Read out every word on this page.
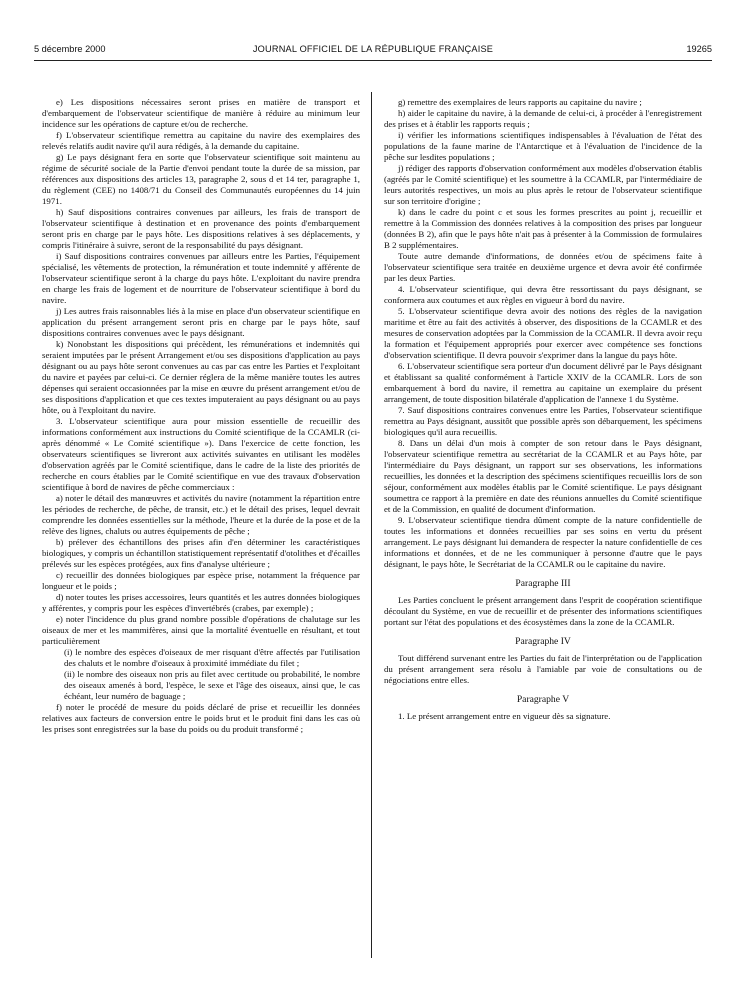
5 décembre 2000	JOURNAL OFFICIEL DE LA RÉPUBLIQUE FRANÇAISE	19265

e) Les dispositions nécessaires seront prises en matière de transport et d'embarquement de l'observateur scientifique de manière à réduire au minimum leur incidence sur les opérations de capture et/ou de recherche.

f) L'observateur scientifique remettra au capitaine du navire des exemplaires des relevés relatifs audit navire qu'il aura rédigés, à la demande du capitaine.

g) Le pays désignant fera en sorte que l'observateur scientifique soit maintenu au régime de sécurité sociale de la Partie d'envoi pendant toute la durée de sa mission, par références aux dispositions des articles 13, paragraphe 2, sous d et 14 ter, paragraphe 1, du règlement (CEE) no 1408/71 du Conseil des Communautés européennes du 14 juin 1971.

h) Sauf dispositions contraires convenues par ailleurs, les frais de transport de l'observateur scientifique à destination et en provenance des points d'embarquement seront pris en charge par le pays hôte. Les dispositions relatives à ses déplacements, y compris l'itinéraire à suivre, seront de la responsabilité du pays désignant.

i) Sauf dispositions contraires convenues par ailleurs entre les Parties, l'équipement spécialisé, les vêtements de protection, la rémunération et toute indemnité y afférente de l'observateur scientifique seront à la charge du pays hôte. L'exploitant du navire prendra en charge les frais de logement et de nourriture de l'observateur scientifique à bord du navire.

j) Les autres frais raisonnables liés à la mise en place d'un observateur scientifique en application du présent arrangement seront pris en charge par le pays hôte, sauf dispositions contraires convenues avec le pays désignant.

k) Nonobstant les dispositions qui précèdent, les rémunérations et indemnités qui seraient imputées par le présent Arrangement et/ou ses dispositions d'application au pays désignant ou au pays hôte seront convenues au cas par cas entre les Parties et l'exploitant du navire et payées par celui-ci. Ce dernier réglera de la même manière toutes les autres dépenses qui seraient occasionnées par la mise en œuvre du présent arrangement et/ou de ses dispositions d'application et que ces textes imputeraient au pays désignant ou au pays hôte, ou à l'exploitant du navire.

3. L'observateur scientifique aura pour mission essentielle de recueillir des informations conformément aux instructions du Comité scientifique de la CCAMLR (ci-après dénommé « Le Comité scientifique »). Dans l'exercice de cette fonction, les observateurs scientifiques se livreront aux activités suivantes en utilisant les modèles d'observation agréés par le Comité scientifique, dans le cadre de la liste des priorités de recherche en cours établies par le Comité scientifique en vue des travaux d'observation scientifique à bord de navires de pêche commerciaux :

a) noter le détail des manœuvres et activités du navire (notamment la répartition entre les périodes de recherche, de pêche, de transit, etc.) et le détail des prises, lequel devrait comprendre les données essentielles sur la méthode, l'heure et la durée de la pose et de la relève des lignes, chaluts ou autres équipements de pêche ;

b) prélever des échantillons des prises afin d'en déterminer les caractéristiques biologiques, y compris un échantillon statistiquement représentatif d'otolithes et d'écailles prélevés sur les espèces protégées, aux fins d'analyse ultérieure ;

c) recueillir des données biologiques par espèce prise, notamment la fréquence par longueur et le poids ;

d) noter toutes les prises accessoires, leurs quantités et les autres données biologiques y afférentes, y compris pour les espèces d'invertébrés (crabes, par exemple) ;

e) noter l'incidence du plus grand nombre possible d'opérations de chalutage sur les oiseaux de mer et les mammifères, ainsi que la mortalité éventuelle en résultant, et tout particulièrement

(i) le nombre des espèces d'oiseaux de mer risquant d'être affectés par l'utilisation des chaluts et le nombre d'oiseaux à proximité immédiate du filet ;

(ii) le nombre des oiseaux non pris au filet avec certitude ou probabilité, le nombre des oiseaux amenés à bord, l'espèce, le sexe et l'âge des oiseaux, ainsi que, le cas échéant, leur numéro de baguage ;

f) noter le procédé de mesure du poids déclaré de prise et recueillir les données relatives aux facteurs de conversion entre le poids brut et le produit fini dans les cas où les prises sont enregistrées sur la base du poids ou du produit transformé ;

g) remettre des exemplaires de leurs rapports au capitaine du navire ;

h) aider le capitaine du navire, à la demande de celui-ci, à procéder à l'enregistrement des prises et à établir les rapports requis ;

i) vérifier les informations scientifiques indispensables à l'évaluation de l'état des populations de la faune marine de l'Antarctique et à l'évaluation de l'incidence de la pêche sur lesdites populations ;

j) rédiger des rapports d'observation conformément aux modèles d'observation établis (agréés par le Comité scientifique) et les soumettre à la CCAMLR, par l'intermédiaire de leurs autorités respectives, un mois au plus après le retour de l'observateur scientifique sur son territoire d'origine ;

k) dans le cadre du point c et sous les formes prescrites au point j, recueillir et remettre à la Commission des données relatives à la composition des prises par longueur (données B 2), afin que le pays hôte n'ait pas à présenter à la Commission de formulaires B 2 supplémentaires.

Toute autre demande d'informations, de données et/ou de spécimens faite à l'observateur scientifique sera traitée en deuxième urgence et devra avoir été confirmée par les deux Parties.

4. L'observateur scientifique, qui devra être ressortissant du pays désignant, se conformera aux coutumes et aux règles en vigueur à bord du navire.

5. L'observateur scientifique devra avoir des notions des règles de la navigation maritime et être au fait des activités à observer, des dispositions de la CCAMLR et des mesures de conservation adoptées par la Commission de la CCAMLR. Il devra avoir reçu la formation et l'équipement appropriés pour exercer avec compétence ses fonctions d'observation scientifique. Il devra pouvoir s'exprimer dans la langue du pays hôte.

6. L'observateur scientifique sera porteur d'un document délivré par le Pays désignant et établissant sa qualité conformément à l'article XXIV de la CCAMLR. Lors de son embarquement à bord du navire, il remettra au capitaine un exemplaire du présent arrangement, de toute disposition bilatérale d'application de l'annexe 1 du Système.

7. Sauf dispositions contraires convenues entre les Parties, l'observateur scientifique remettra au Pays désignant, aussitôt que possible après son débarquement, les spécimens biologiques qu'il aura recueillis.

8. Dans un délai d'un mois à compter de son retour dans le Pays désignant, l'observateur scientifique remettra au secrétariat de la CCAMLR et au Pays hôte, par l'intermédiaire du Pays désignant, un rapport sur ses observations, les informations recueillies, les données et la description des spécimens scientifiques recueillis lors de son séjour, conformément aux modèles établis par le Comité scientifique. Le pays désignant soumettra ce rapport à la première en date des réunions annuelles du Comité scientifique et de la Commission, en qualité de document d'information.

9. L'observateur scientifique tiendra dûment compte de la nature confidentielle de toutes les informations et données recueillies par ses soins en vertu du présent arrangement. Le pays désignant lui demandera de respecter la nature confidentielle de ces informations et données, et de ne les communiquer à personne d'autre que le pays désignant, le pays hôte, le Secrétariat de la CCAMLR ou le capitaine du navire.

Paragraphe III

Les Parties concluent le présent arrangement dans l'esprit de coopération scientifique découlant du Système, en vue de recueillir et de présenter des informations scientifiques portant sur l'état des populations et des écosystèmes dans la zone de la CCAMLR.

Paragraphe IV

Tout différend survenant entre les Parties du fait de l'interprétation ou de l'application du présent arrangement sera résolu à l'amiable par voie de consultations ou de négociations entre elles.

Paragraphe V

1. Le présent arrangement entre en vigueur dès sa signature.
